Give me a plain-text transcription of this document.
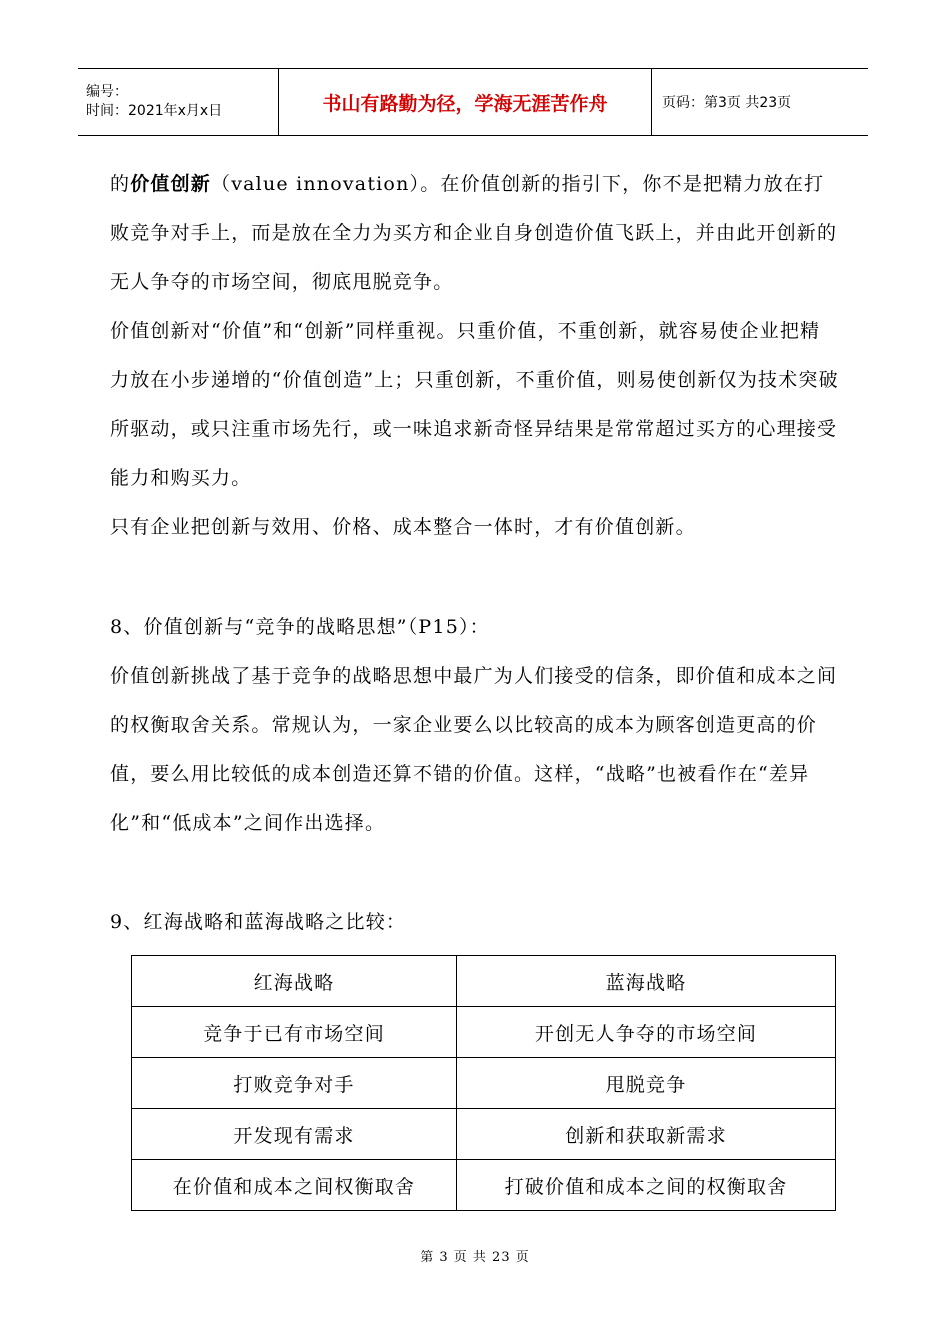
编号：
时间：2021年x月x日	书山有路勤为径，学海无涯苦作舟	页码：第3页 共23页

的价值创新（value innovation）。在价值创新的指引下，你不是把精力放在打败竞争对手上，而是放在全力为买方和企业自身创造价值飞跃上，并由此开创新的无人争夺的市场空间，彻底甩脱竞争。

价值创新对“价值”和“创新”同样重视。只重价值，不重创新，就容易使企业把精力放在小步递增的“价值创造”上；只重创新，不重价值，则易使创新仅为技术突破所驱动，或只注重市场先行，或一味追求新奇怪异结果是常常超过买方的心理接受能力和购买力。

只有企业把创新与效用、价格、成本整合一体时，才有价值创新。

8、价值创新与“竞争的战略思想”（P15）：

价值创新挑战了基于竞争的战略思想中最广为人们接受的信条，即价值和成本之间的权衡取舍关系。常规认为，一家企业要么以比较高的成本为顾客创造更高的价值，要么用比较低的成本创造还算不错的价值。这样，“战略”也被看作在“差异化”和“低成本”之间作出选择。

9、红海战略和蓝海战略之比较：

红海战略	蓝海战略
竞争于已有市场空间	开创无人争夺的市场空间
打败竞争对手	甩脱竞争
开发现有需求	创新和获取新需求
在价值和成本之间权衡取舍	打破价值和成本之间的权衡取舍
第 3 页 共 23 页
